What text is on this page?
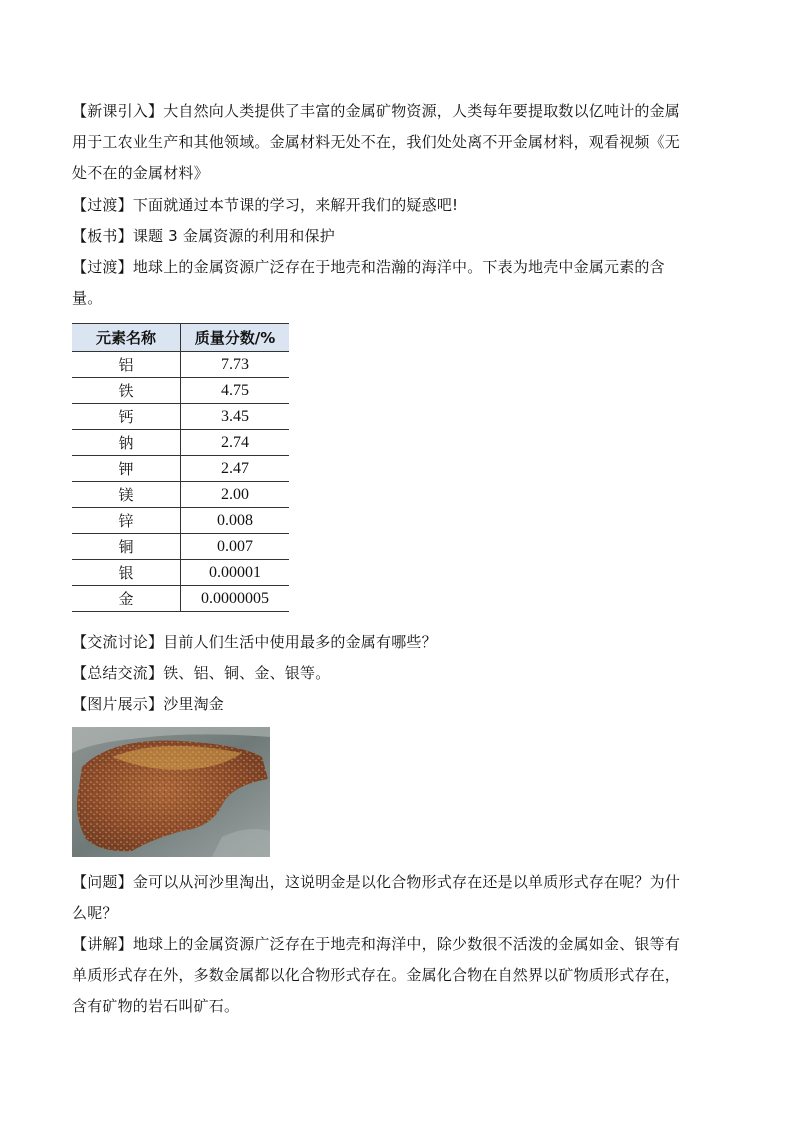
【新课引入】大自然向人类提供了丰富的金属矿物资源，人类每年要提取数以亿吨计的金属
用于工农业生产和其他领域。金属材料无处不在，我们处处离不开金属材料，观看视频《无
处不在的金属材料》
【过渡】下面就通过本节课的学习，来解开我们的疑惑吧!
【板书】课题 3 金属资源的利用和保护
【过渡】地球上的金属资源广泛存在于地壳和浩瀚的海洋中。下表为地壳中金属元素的含
量。
元素名称	质量分数/%
铝	7.73
铁	4.75
钙	3.45
钠	2.74
钾	2.47
镁	2.00
锌	0.008
铜	0.007
银	0.00001
金	0.0000005
【交流讨论】目前人们生活中使用最多的金属有哪些？
【总结交流】铁、铝、铜、金、银等。
【图片展示】沙里淘金
【问题】金可以从河沙里淘出，这说明金是以化合物形式存在还是以单质形式存在呢？为什
么呢？
【讲解】地球上的金属资源广泛存在于地壳和海洋中，除少数很不活泼的金属如金、银等有
单质形式存在外，多数金属都以化合物形式存在。金属化合物在自然界以矿物质形式存在，
含有矿物的岩石叫矿石。
